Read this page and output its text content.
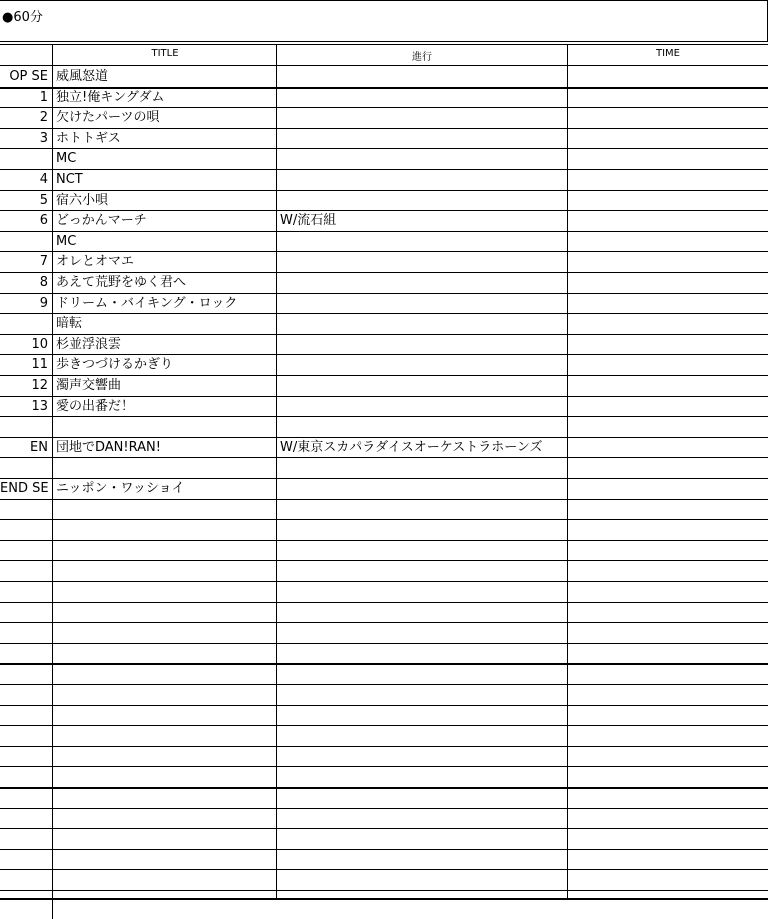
●60分
TITLE	進行	TIME
OP SE 威風怒道
1 独立!俺キングダム
2 欠けたパーツの唄
3 ホトトギス
MC
4 NCT
5 宿六小唄
6 どっかんマーチ	W/流石組
MC
7 オレとオマエ
8 あえて荒野をゆく君へ
9 ドリーム・バイキング・ロック
暗転
10 杉並浮浪雲
11 歩きつづけるかぎり
12 濁声交響曲
13 愛の出番だ！
EN 団地でDAN!RAN!	W/東京スカパラダイスオーケストラホーンズ
END SE ニッポン・ワッショイ
